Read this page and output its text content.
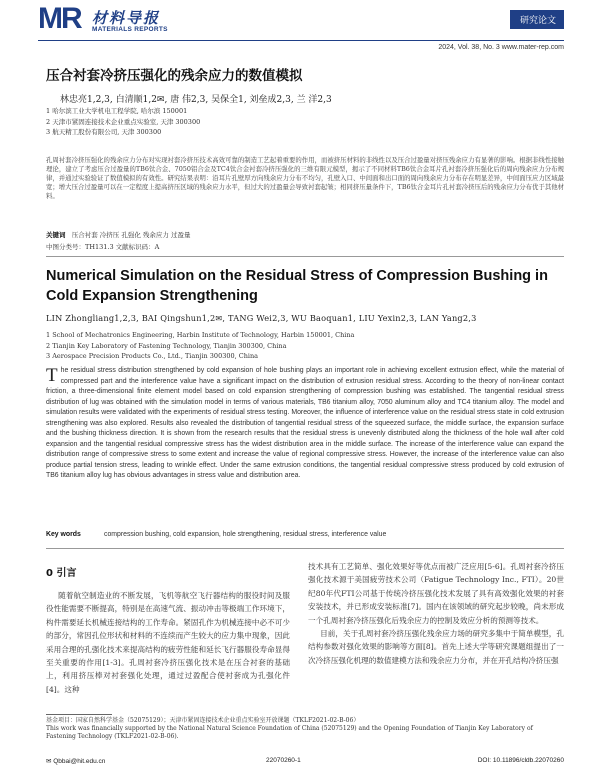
MR 材料导报
MATERIALS REPORTS
研究论文
2024, Vol. 38, No. 3 www.mater-rep.com
压合衬套冷挤压强化的残余应力的数值模拟
林忠亮1,2,3, 白清顺1,2✉, 唐 伟2,3, 吴保全1, 刘垒成2,3, 兰 洋2,3
1 哈尔滨工业大学机电工程学院, 哈尔滨 150001
2 天津市紧固连接技术企业重点实验室, 天津 300300
3 航天精工股份有限公司, 天津 300300
孔周衬套冷挤压强化的残余应力分布对实现衬套冷挤压技术高效可靠的制造工艺起着重要的作用，而被挤压材料的非线性以及压合过盈量对挤压残余应力有显著的影响。根据非线性接触理论，建立了考虑压合过盈量的TB6钛合金、7050铝合金及TC4钛合金衬套冷挤压强化的三维有限元模型，揭示了不同材料TB6钛合金耳片孔衬套冷挤压强化后的周向残余应力分布规律，并通过实验验证了数值模拟的有效性。研究结果表明：沿耳片孔壁厚方向残余应力分布不均匀，孔壁入口、中间面和出口面的周向残余应力分布存在明显差异，中间面压应力区域最宽；增大压合过盈量可以在一定程度上提高挤压区域的残余应力水平，但过大的过盈量会导致衬套起皱；相同挤压量条件下，TB6钛合金耳片孔衬套冷挤压后的残余应力分布优于其他材料。
关键词 压合衬套 冷挤压 孔强化 残余应力 过盈量
中图分类号：TH131.3 文献标识码：A
Numerical Simulation on the Residual Stress of Compression Bushing in Cold Expansion Strengthening
LIN Zhongliang1,2,3, BAI Qingshun1,2✉, TANG Wei2,3, WU Baoquan1, LIU Yexin2,3, LAN Yang2,3
1 School of Mechatronics Engineering, Harbin Institute of Technology, Harbin 150001, China
2 Tianjin Key Laboratory of Fastening Technology, Tianjin 300300, China
3 Aerospace Precision Products Co., Ltd., Tianjin 300300, China
The residual stress distribution strengthened by cold expansion of hole bushing plays an important role in achieving excellent extrusion effect, while the material of compressed part and the interference value have a significant impact on the distribution of extrusion residual stress. According to the theory of non-linear contact friction, a three-dimensional finite element model based on cold expansion strengthening of compression bushing was established. The tangential residual stress distribution of lug was obtained with the simulation model in terms of various materials, TB6 titanium alloy, 7050 aluminum alloy and TC4 titanium alloy. The model and simulation results were validated with the experiments of residual stress testing. Moreover, the influence of interference value on the residual stress state in cold extrusion strengthening was also explored. Results also revealed the distribution of tangential residual stress of the squeezed surface, the middle surface, the expansion surface and the bushing thickness direction. It is shown from the research results that the residual stress is unevenly distributed along the thickness of the hole wall after cold expansion and the tangential residual compressive stress has the widest distribution area in the middle surface. The increase of the interference value can expand the distribution range of compressive stress to some extent and increase the value of regional compressive stress. However, the increase of the interference value can also produce partial tension stress, leading to wrinkle effect. Under the same extrusion conditions, the tangential residual compressive stress produced by cold extrusion of TB6 titanium alloy lug has obvious advantages in stress value and distribution area.
Key words	compression bushing, cold expansion, hole strengthening, residual stress, interference value
0 引言

随着航空制造业的不断发展，飞机等航空飞行器结构的服役时间及服役性能需要不断提高，特别是在高速气流、振动冲击等极端工作环境下，构件需要延长机械连接结构的工作寿命。紧固孔作为机械连接中必不可少的部分，常因孔位形状和材料的不连续而产生较大的应力集中现象，因此采用合理的孔强化技术来提高结构的疲劳性能和延长飞行器服役寿命显得至关重要的作用[1-3]。孔周衬套冷挤压强化技术是在压合衬套的基础上，利用挤压棒对衬套强化处理，通过过盈配合使衬套成为孔强化件[4]。这种

技术具有工艺简单、强化效果好等优点而被广泛应用[5-6]。孔周衬套冷挤压强化技术源于美国疲劳技术公司（Fatigue Technology Inc., FTI）。20世纪80年代FTI公司基于传统冷挤压强化技术发展了具有高效强化效果的衬套安装技术，并已形成安装标准[7]。国内在该领域的研究起步较晚，尚未形成一个孔周衬套冷挤压强化后残余应力的控制及效应分析的预测等技术。

目前，关于孔周衬套冷挤压强化残余应力场的研究多集中于简单模型，孔结构参数对强化效果的影响等方面[8]。首先上述大学等研究课题组提出了一次冷挤压强化机理的数值建模方法和残余应力分布，并在开孔结构冷挤压强

基金项目：国家自然科学基金（52075129）；天津市紧固连接技术企业重点实验室开放课题（TKLF2021-02-B-06）
This work was financially supported by the National Natural Science Foundation of China (52075129) and the Opening Foundation of Tianjin Key Laboratory of Fastening Technology (TKLF2021-02-B-06).
✉ Qbbai@hit.edu.cn	22070260-1	DOI: 10.11896/cldb.22070260
